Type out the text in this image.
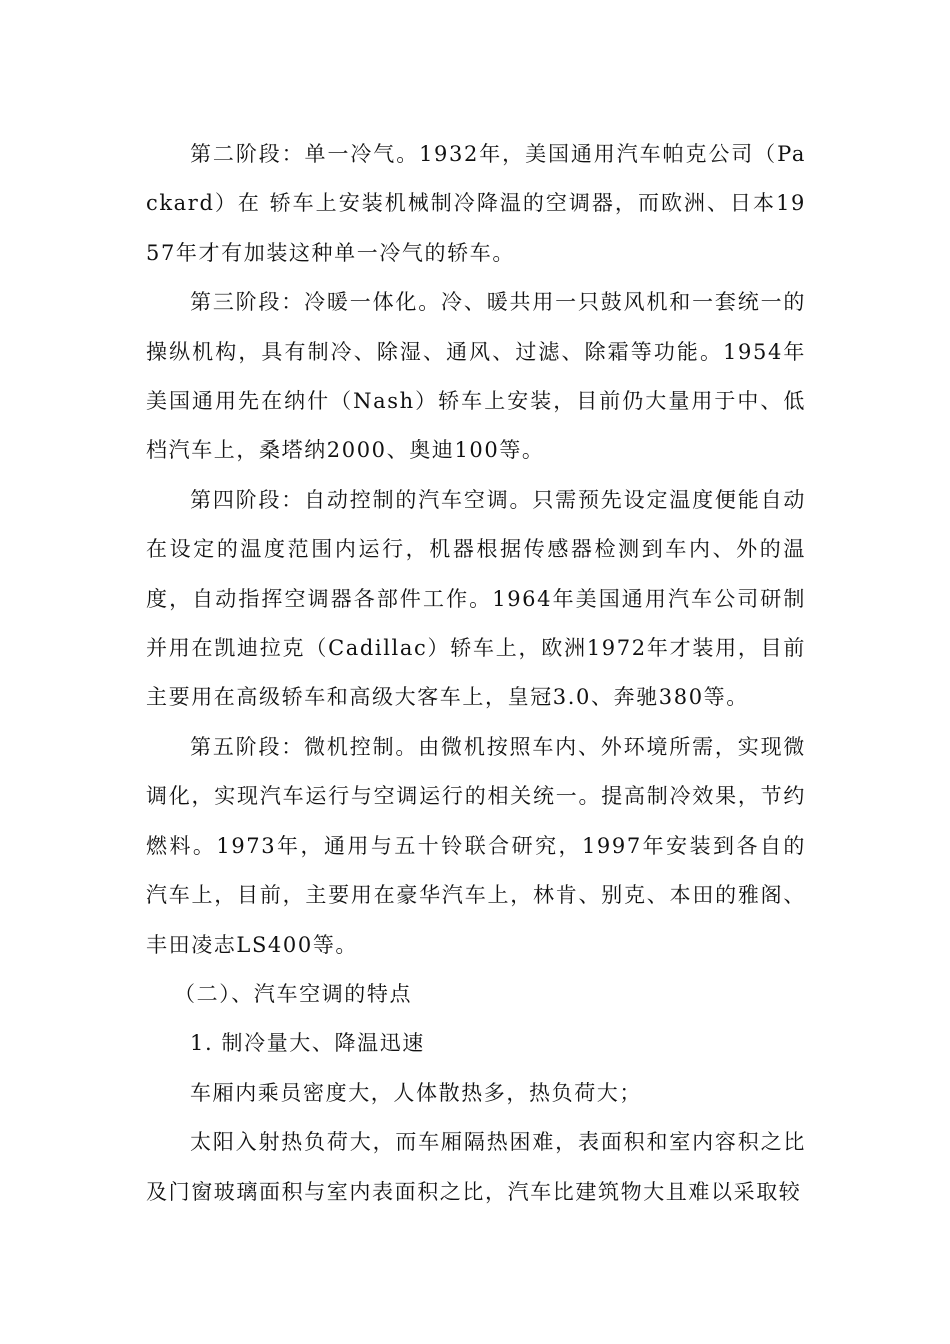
第二阶段：单一冷气。1932年，美国通用汽车帕克公司（Packard）在 轿车上安装机械制冷降温的空调器，而欧洲、日本1957年才有加装这种单一冷气的轿车。

第三阶段：冷暖一体化。冷、暖共用一只鼓风机和一套统一的操纵机构，具有制冷、除湿、通风、过滤、除霜等功能。1954年美国通用先在纳什（Nash）轿车上安装，目前仍大量用于中、低档汽车上，桑塔纳2000、奥迪100等。

第四阶段：自动控制的汽车空调。只需预先设定温度便能自动在设定的温度范围内运行，机器根据传感器检测到车内、外的温度，自动指挥空调器各部件工作。1964年美国通用汽车公司研制并用在凯迪拉克（Cadillac）轿车上，欧洲1972年才装用，目前主要用在高级轿车和高级大客车上，皇冠3.0、奔驰380等。

第五阶段：微机控制。由微机按照车内、外环境所需，实现微调化，实现汽车运行与空调运行的相关统一。提高制冷效果，节约燃料。1973年，通用与五十铃联合研究，1997年安装到各自的汽车上，目前，主要用在豪华汽车上，林肯、别克、本田的雅阁、丰田凌志LS400等。

（二）、汽车空调的特点

1. 制冷量大、降温迅速

车厢内乘员密度大，人体散热多，热负荷大；

太阳入射热负荷大，而车厢隔热困难，表面积和室内容积之比及门窗玻璃面积与室内表面积之比，汽车比建筑物大且难以采取较
